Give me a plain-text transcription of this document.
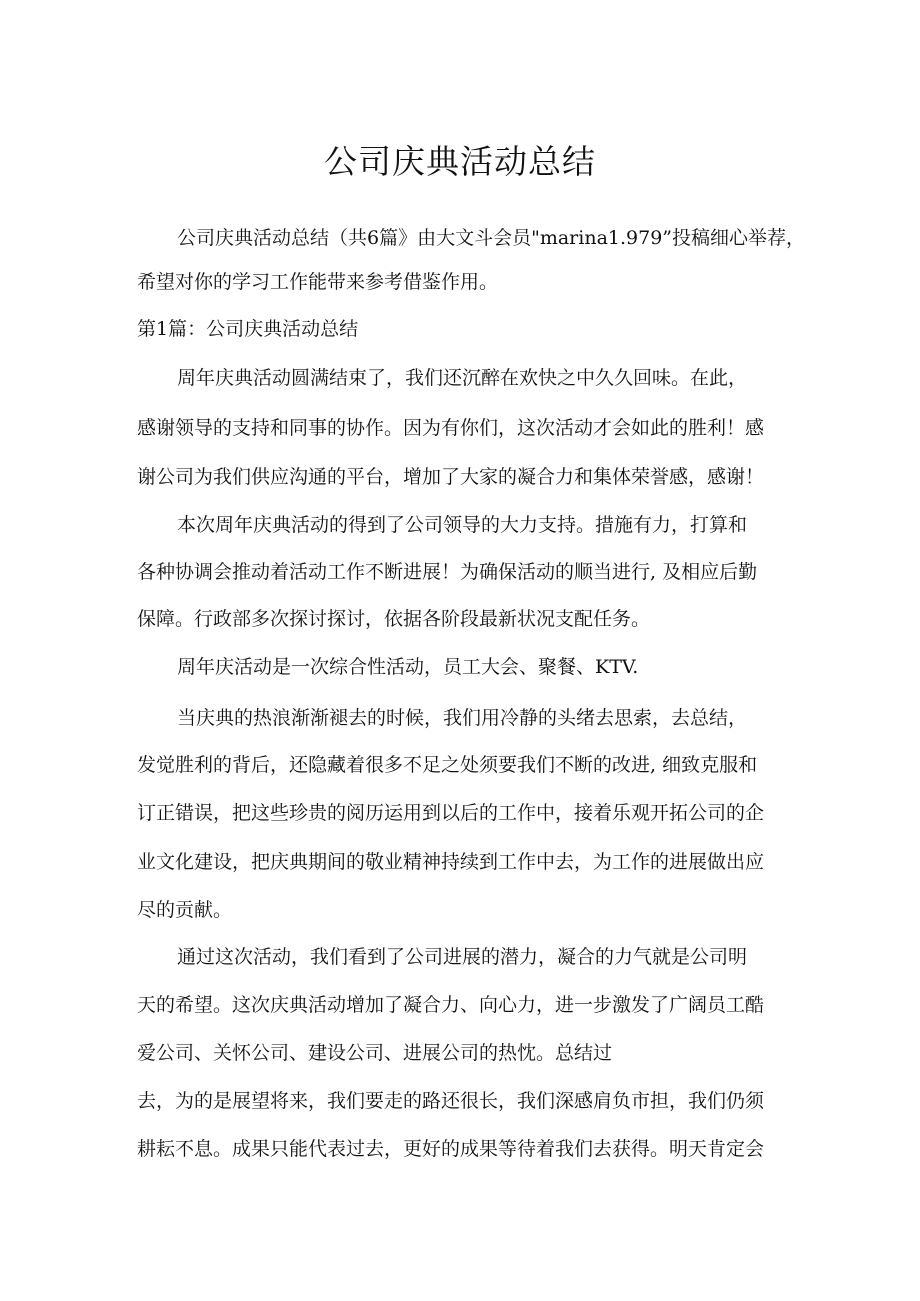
公司庆典活动总结

公司庆典活动总结（共6篇》由大文斗会员"marina1.979”投稿细心举荐，

希望对你的学习工作能带来参考借鉴作用。

第1篇：公司庆典活动总结

周年庆典活动圆满结束了，我们还沉醉在欢快之中久久回味。在此，

感谢领导的支持和同事的协作。因为有你们，这次活动才会如此的胜利！感

谢公司为我们供应沟通的平台，增加了大家的凝合力和集体荣誉感，感谢！

本次周年庆典活动的得到了公司领导的大力支持。措施有力，打算和

各种协调会推动着活动工作不断进展！为确保活动的顺当进行, 及相应后勤

保障。行政部多次探讨探讨，依据各阶段最新状况支配任务。

周年庆活动是一次综合性活动，员工大会、聚餐、KTV.

当庆典的热浪渐渐褪去的时候，我们用冷静的头绪去思索，去总结，

发觉胜利的背后，还隐藏着很多不足之处须要我们不断的改进, 细致克服和

订正错误，把这些珍贵的阅历运用到以后的工作中，接着乐观开拓公司的企

业文化建设，把庆典期间的敬业精神持续到工作中去，为工作的进展做出应

尽的贡献。

通过这次活动，我们看到了公司进展的潜力，凝合的力气就是公司明

天的希望。这次庆典活动增加了凝合力、向心力，进一步激发了广阔员工酷

爱公司、关怀公司、建设公司、进展公司的热忱。总结过

去，为的是展望将来，我们要走的路还很长，我们深感肩负市担，我们仍须

耕耘不息。成果只能代表过去，更好的成果等待着我们去获得。明天肯定会
